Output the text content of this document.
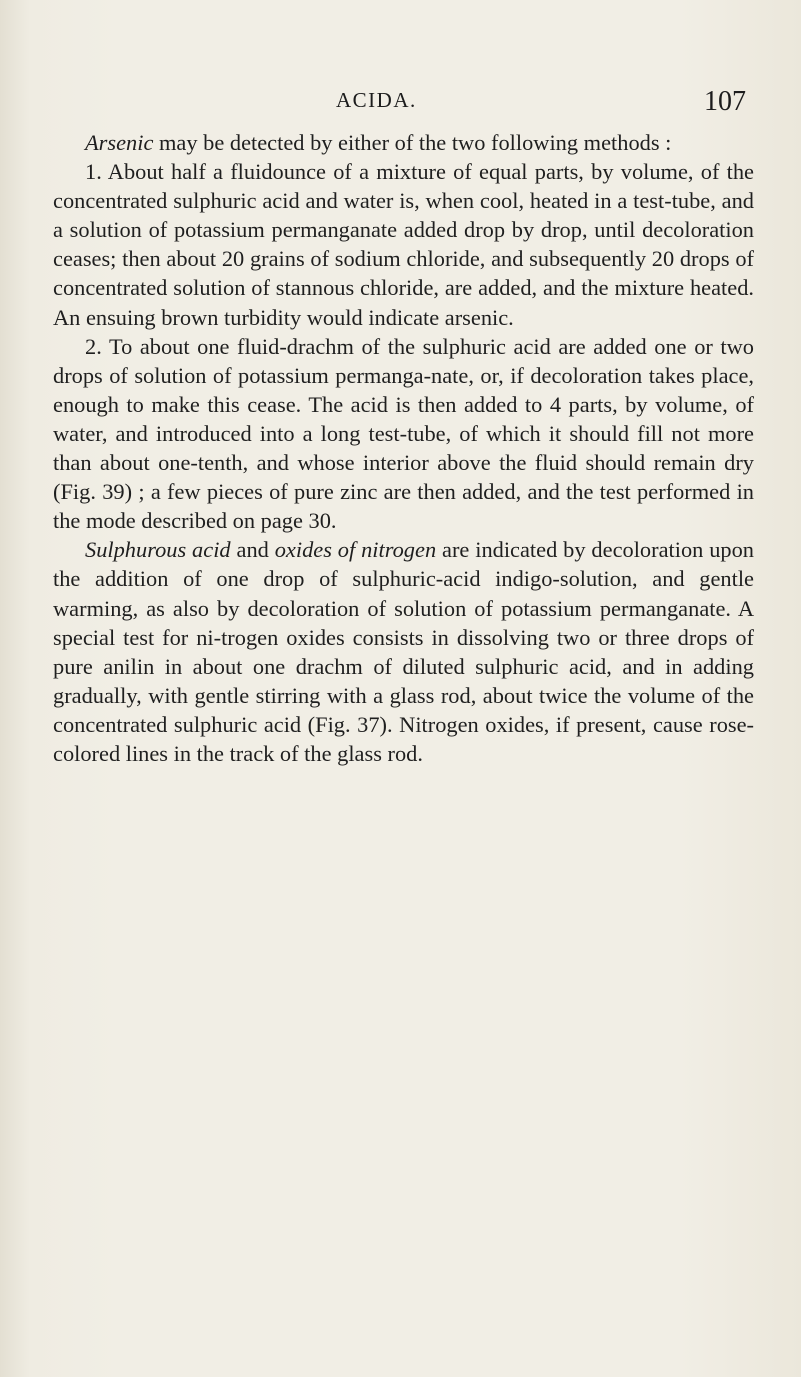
ACIDA.	107

Arsenic may be detected by either of the two following methods :

1. About half a fluidounce of a mixture of equal parts, by volume, of the concentrated sulphuric acid and water is, when cool, heated in a test-tube, and a solution of potassium permanganate added drop by drop, until decoloration ceases; then about 20 grains of sodium chloride, and subsequently 20 drops of concentrated solution of stannous chloride, are added, and the mixture heated. An ensuing brown turbidity would indicate arsenic.

2. To about one fluid-drachm of the sulphuric acid are added one or two drops of solution of potassium permanga-nate, or, if decoloration takes place, enough to make this cease. The acid is then added to 4 parts, by volume, of water, and introduced into a long test-tube, of which it should fill not more than about one-tenth, and whose interior above the fluid should remain dry (Fig. 39) ; a few pieces of pure zinc are then added, and the test performed in the mode described on page 30.

Sulphurous acid and oxides of nitrogen are indicated by decoloration upon the addition of one drop of sulphuric-acid indigo-solution, and gentle warming, as also by decoloration of solution of potassium permanganate. A special test for ni-trogen oxides consists in dissolving two or three drops of pure anilin in about one drachm of diluted sulphuric acid, and in adding gradually, with gentle stirring with a glass rod, about twice the volume of the concentrated sulphuric acid (Fig. 37). Nitrogen oxides, if present, cause rose-colored lines in the track of the glass rod.
